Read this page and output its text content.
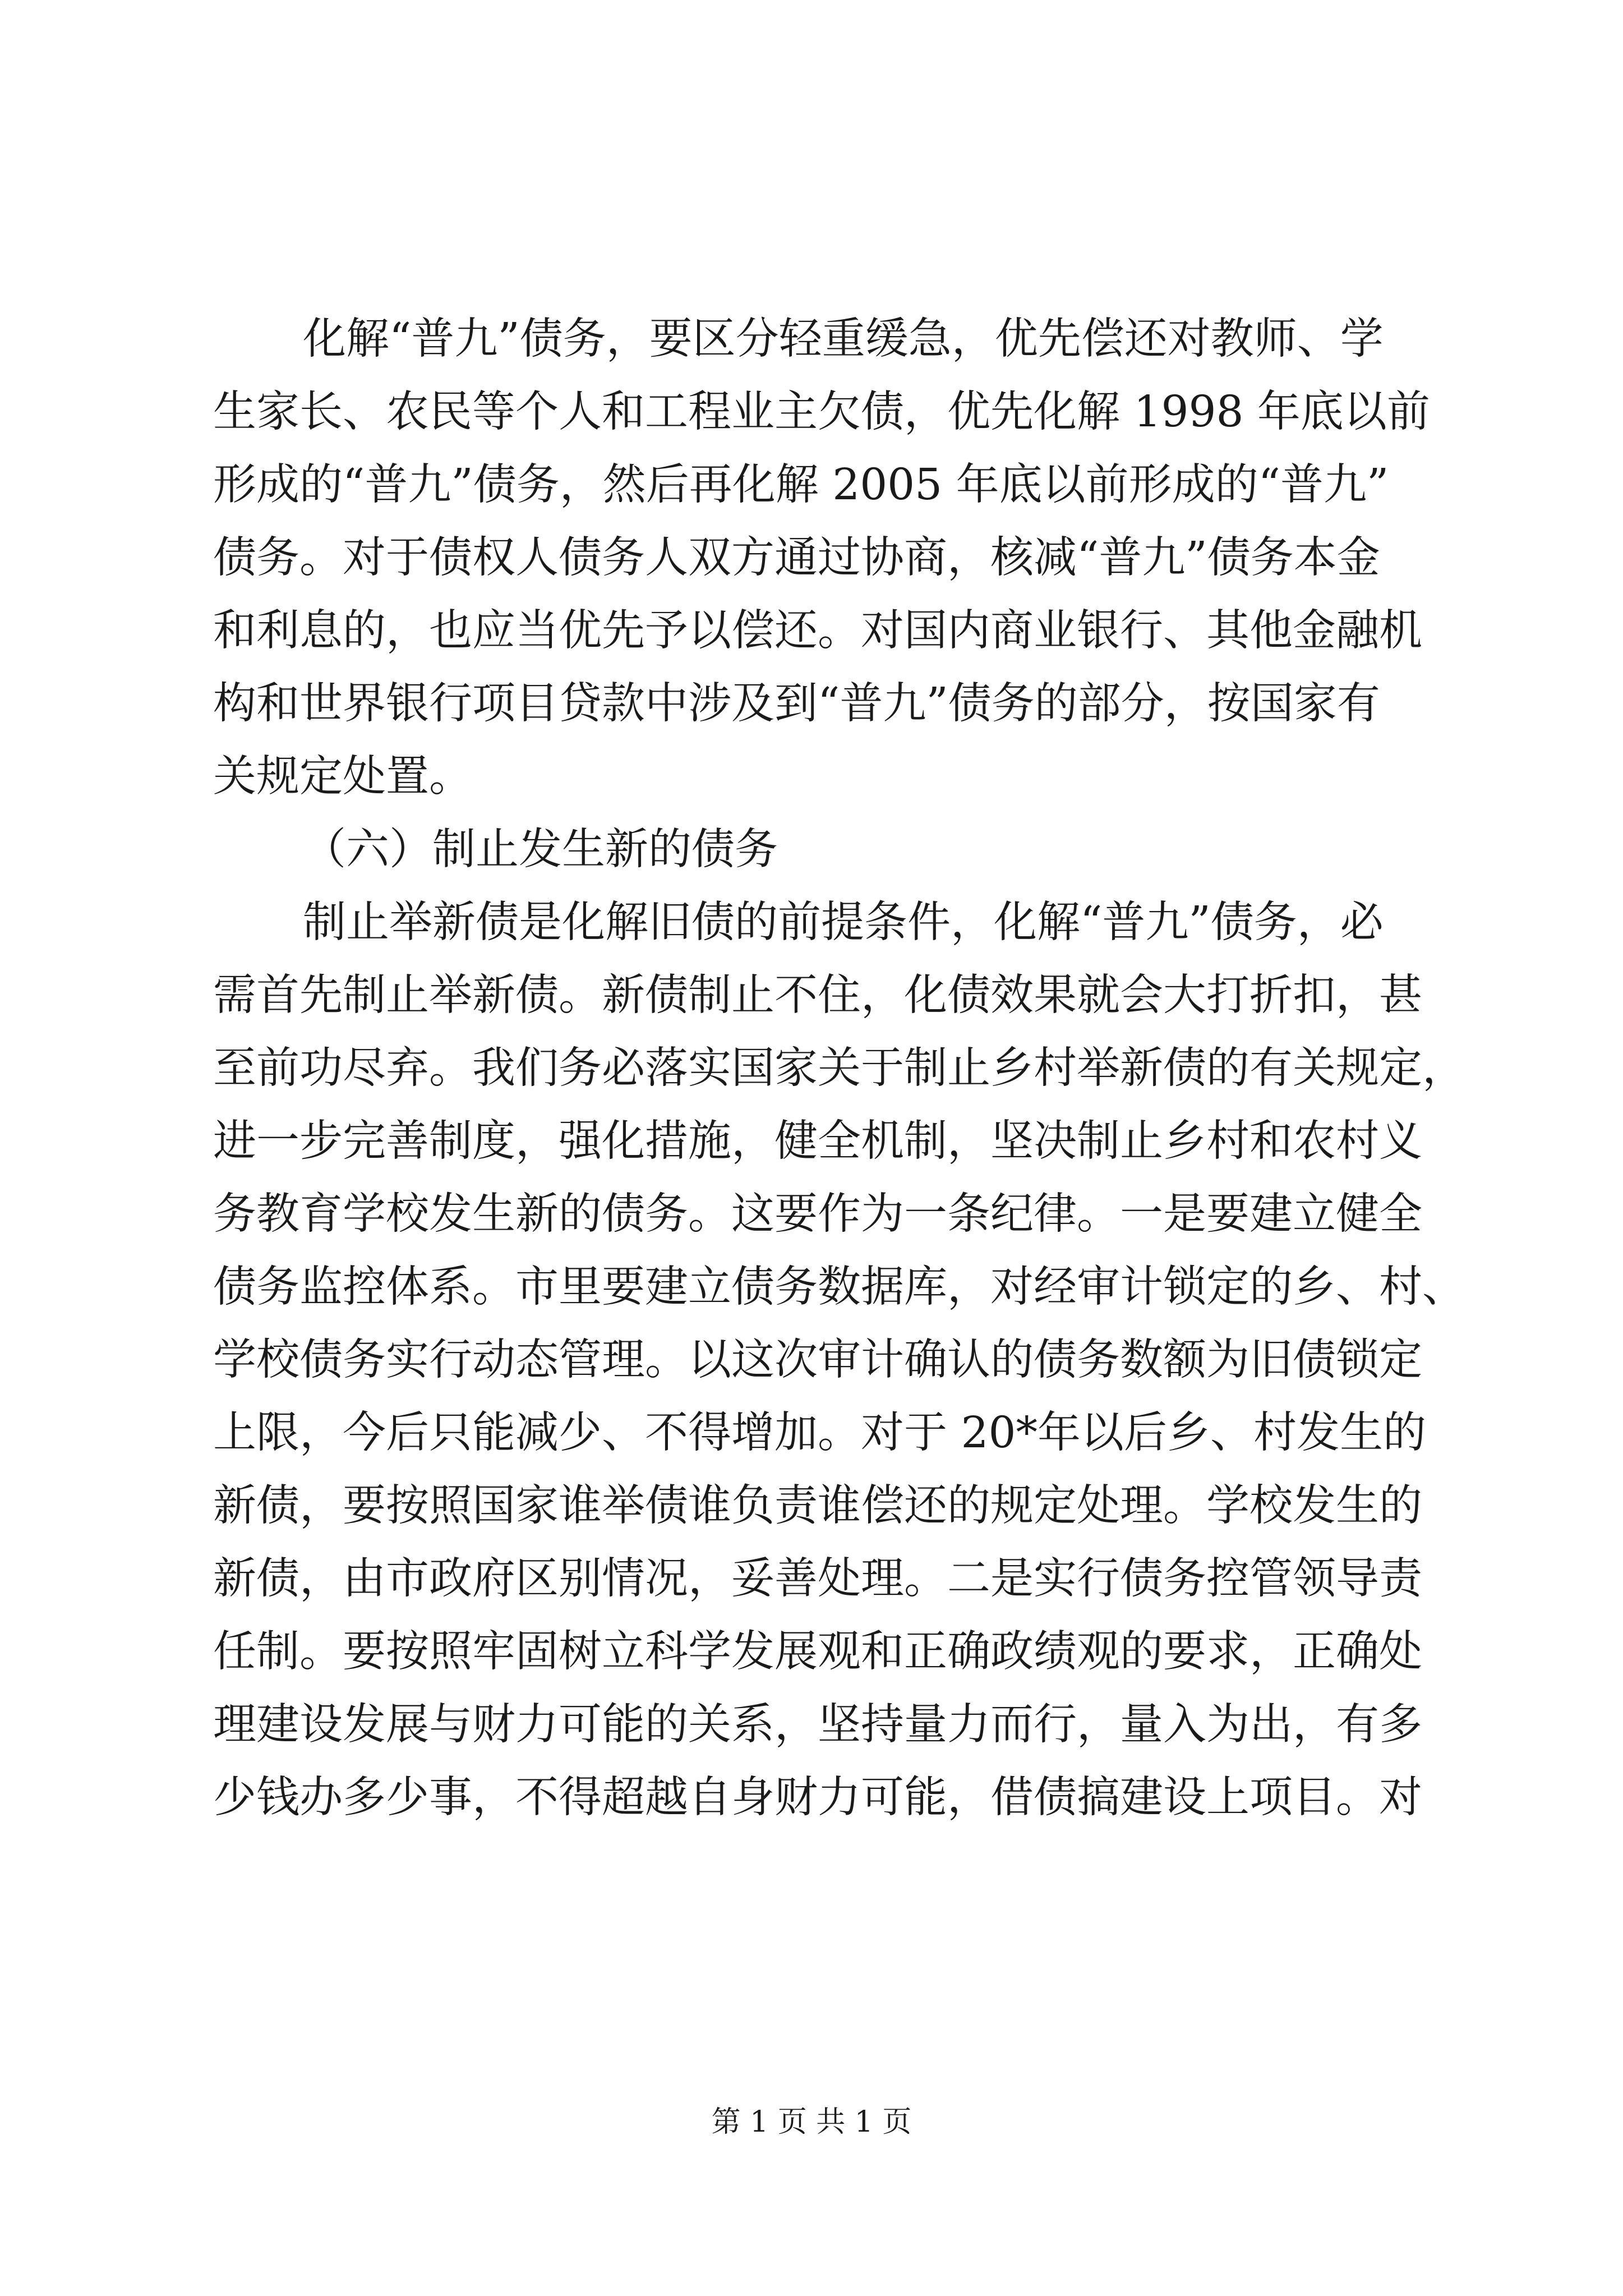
化解“普九”债务，要区分轻重缓急，优先偿还对教师、学
生家长、农民等个人和工程业主欠债，优先化解 1998 年底以前
形成的“普九”债务，然后再化解 2005 年底以前形成的“普九”
债务。对于债权人债务人双方通过协商，核减“普九”债务本金
和利息的，也应当优先予以偿还。对国内商业银行、其他金融机
构和世界银行项目贷款中涉及到“普九”债务的部分，按国家有
关规定处置。
（六）制止发生新的债务
制止举新债是化解旧债的前提条件，化解“普九”债务，必
需首先制止举新债。新债制止不住，化债效果就会大打折扣，甚
至前功尽弃。我们务必落实国家关于制止乡村举新债的有关规定，
进一步完善制度，强化措施，健全机制，坚决制止乡村和农村义
务教育学校发生新的债务。这要作为一条纪律。一是要建立健全
债务监控体系。市里要建立债务数据库，对经审计锁定的乡、村、
学校债务实行动态管理。以这次审计确认的债务数额为旧债锁定
上限，今后只能减少、不得增加。对于 20*年以后乡、村发生的
新债，要按照国家谁举债谁负责谁偿还的规定处理。学校发生的
新债，由市政府区别情况，妥善处理。二是实行债务控管领导责
任制。要按照牢固树立科学发展观和正确政绩观的要求，正确处
理建设发展与财力可能的关系，坚持量力而行，量入为出，有多
少钱办多少事，不得超越自身财力可能，借债搞建设上项目。对
第 1 页 共 1 页
